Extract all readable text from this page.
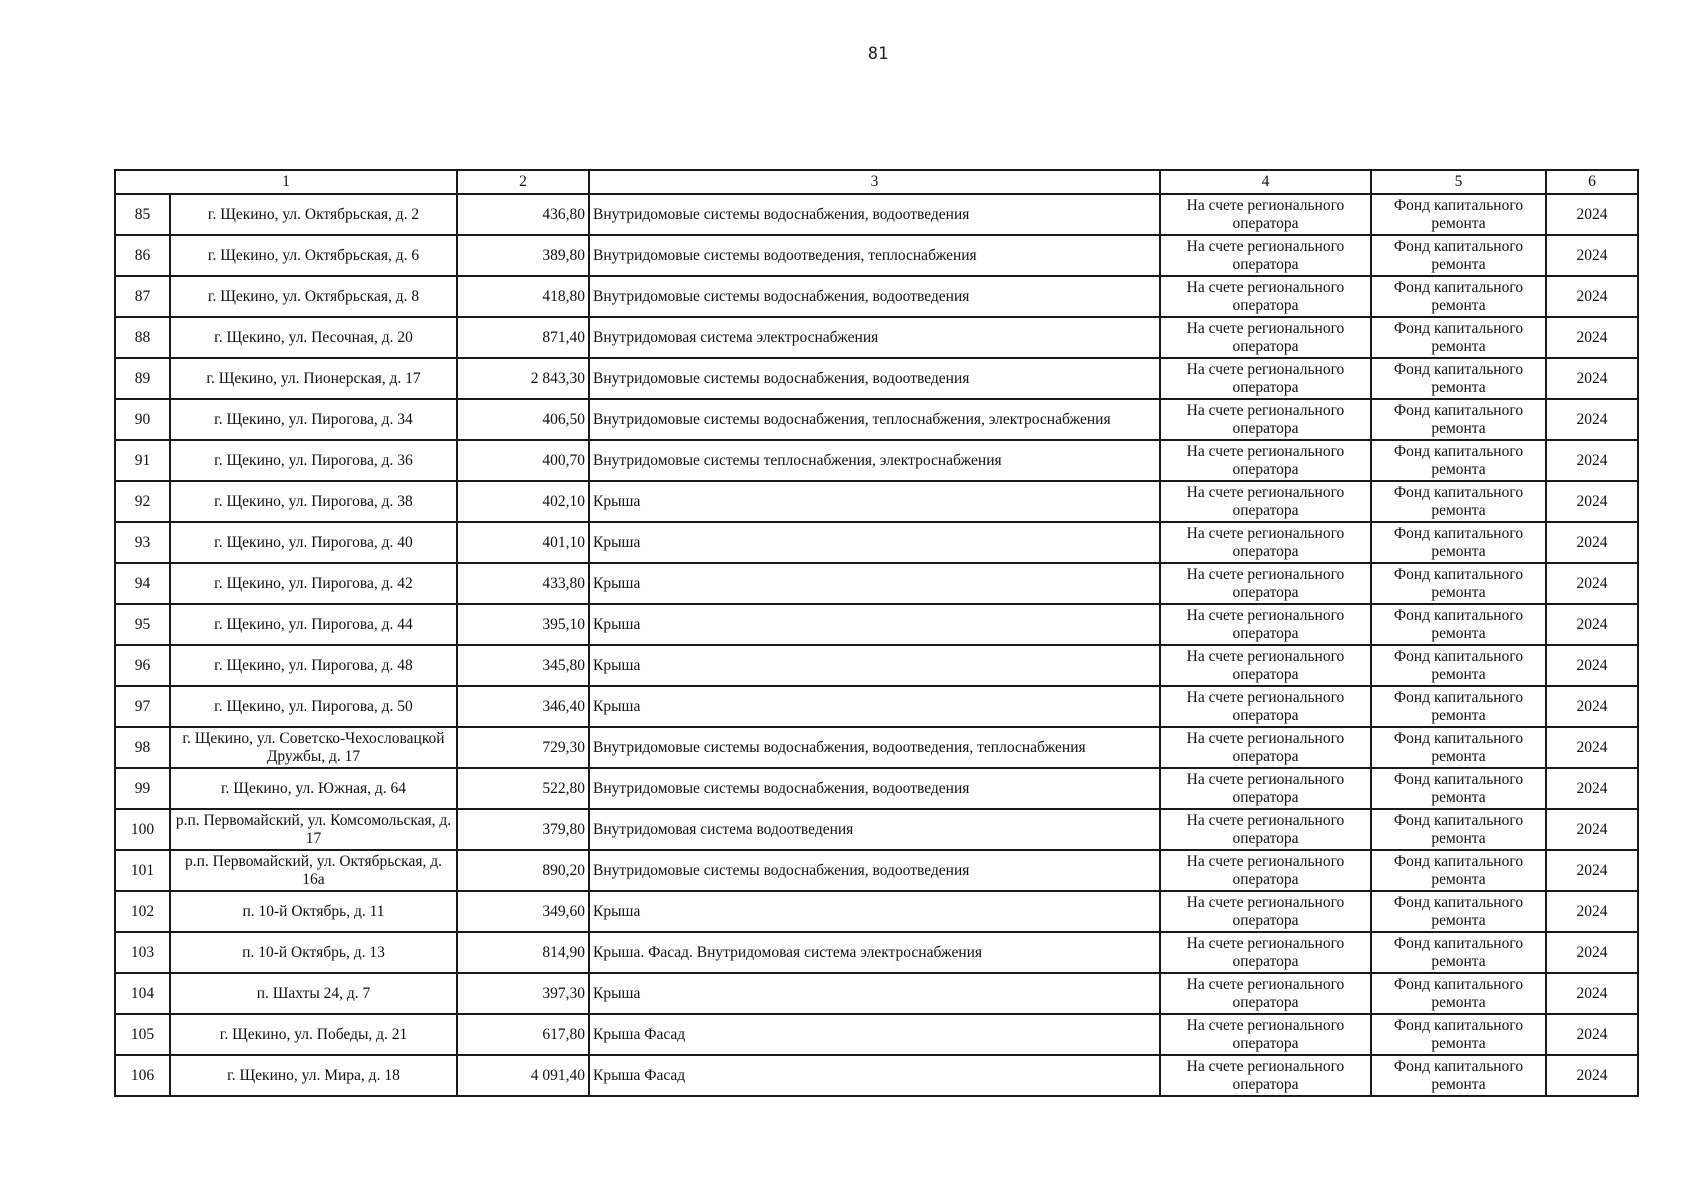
81
1		2	3	4	5	6
85	г. Щекино, ул. Октябрьская, д. 2	436,80	Внутридомовые системы водоснабжения, водоотведения	На счете регионального оператора	Фонд капитального ремонта	2024
86	г. Щекино, ул. Октябрьская, д. 6	389,80	Внутридомовые системы водоотведения, теплоснабжения	На счете регионального оператора	Фонд капитального ремонта	2024
87	г. Щекино, ул. Октябрьская, д. 8	418,80	Внутридомовые системы водоснабжения, водоотведения	На счете регионального оператора	Фонд капитального ремонта	2024
88	г. Щекино, ул. Песочная, д. 20	871,40	Внутридомовая система электроснабжения	На счете регионального оператора	Фонд капитального ремонта	2024
89	г. Щекино, ул. Пионерская, д. 17	2 843,30	Внутридомовые системы водоснабжения, водоотведения	На счете регионального оператора	Фонд капитального ремонта	2024
90	г. Щекино, ул. Пирогова, д. 34	406,50	Внутридомовые системы водоснабжения, теплоснабжения, электроснабжения	На счете регионального оператора	Фонд капитального ремонта	2024
91	г. Щекино, ул. Пирогова, д. 36	400,70	Внутридомовые системы теплоснабжения, электроснабжения	На счете регионального оператора	Фонд капитального ремонта	2024
92	г. Щекино, ул. Пирогова, д. 38	402,10	Крыша	На счете регионального оператора	Фонд капитального ремонта	2024
93	г. Щекино, ул. Пирогова, д. 40	401,10	Крыша	На счете регионального оператора	Фонд капитального ремонта	2024
94	г. Щекино, ул. Пирогова, д. 42	433,80	Крыша	На счете регионального оператора	Фонд капитального ремонта	2024
95	г. Щекино, ул. Пирогова, д. 44	395,10	Крыша	На счете регионального оператора	Фонд капитального ремонта	2024
96	г. Щекино, ул. Пирогова, д. 48	345,80	Крыша	На счете регионального оператора	Фонд капитального ремонта	2024
97	г. Щекино, ул. Пирогова, д. 50	346,40	Крыша	На счете регионального оператора	Фонд капитального ремонта	2024
98	г. Щекино, ул. Советско-Чехословацкой Дружбы, д. 17	729,30	Внутридомовые системы водоснабжения, водоотведения, теплоснабжения	На счете регионального оператора	Фонд капитального ремонта	2024
99	г. Щекино, ул. Южная, д. 64	522,80	Внутридомовые системы водоснабжения, водоотведения	На счете регионального оператора	Фонд капитального ремонта	2024
100	р.п. Первомайский, ул. Комсомольская, д. 17	379,80	Внутридомовая система водоотведения	На счете регионального оператора	Фонд капитального ремонта	2024
101	р.п. Первомайский, ул. Октябрьская, д. 16а	890,20	Внутридомовые системы водоснабжения, водоотведения	На счете регионального оператора	Фонд капитального ремонта	2024
102	п. 10-й Октябрь, д. 11	349,60	Крыша	На счете регионального оператора	Фонд капитального ремонта	2024
103	п. 10-й Октябрь, д. 13	814,90	Крыша. Фасад. Внутридомовая система электроснабжения	На счете регионального оператора	Фонд капитального ремонта	2024
104	п. Шахты 24, д. 7	397,30	Крыша	На счете регионального оператора	Фонд капитального ремонта	2024
105	г. Щекино, ул. Победы, д. 21	617,80	Крыша Фасад	На счете регионального оператора	Фонд капитального ремонта	2024
106	г. Щекино, ул. Мира, д. 18	4 091,40	Крыша Фасад	На счете регионального оператора	Фонд капитального ремонта	2024
